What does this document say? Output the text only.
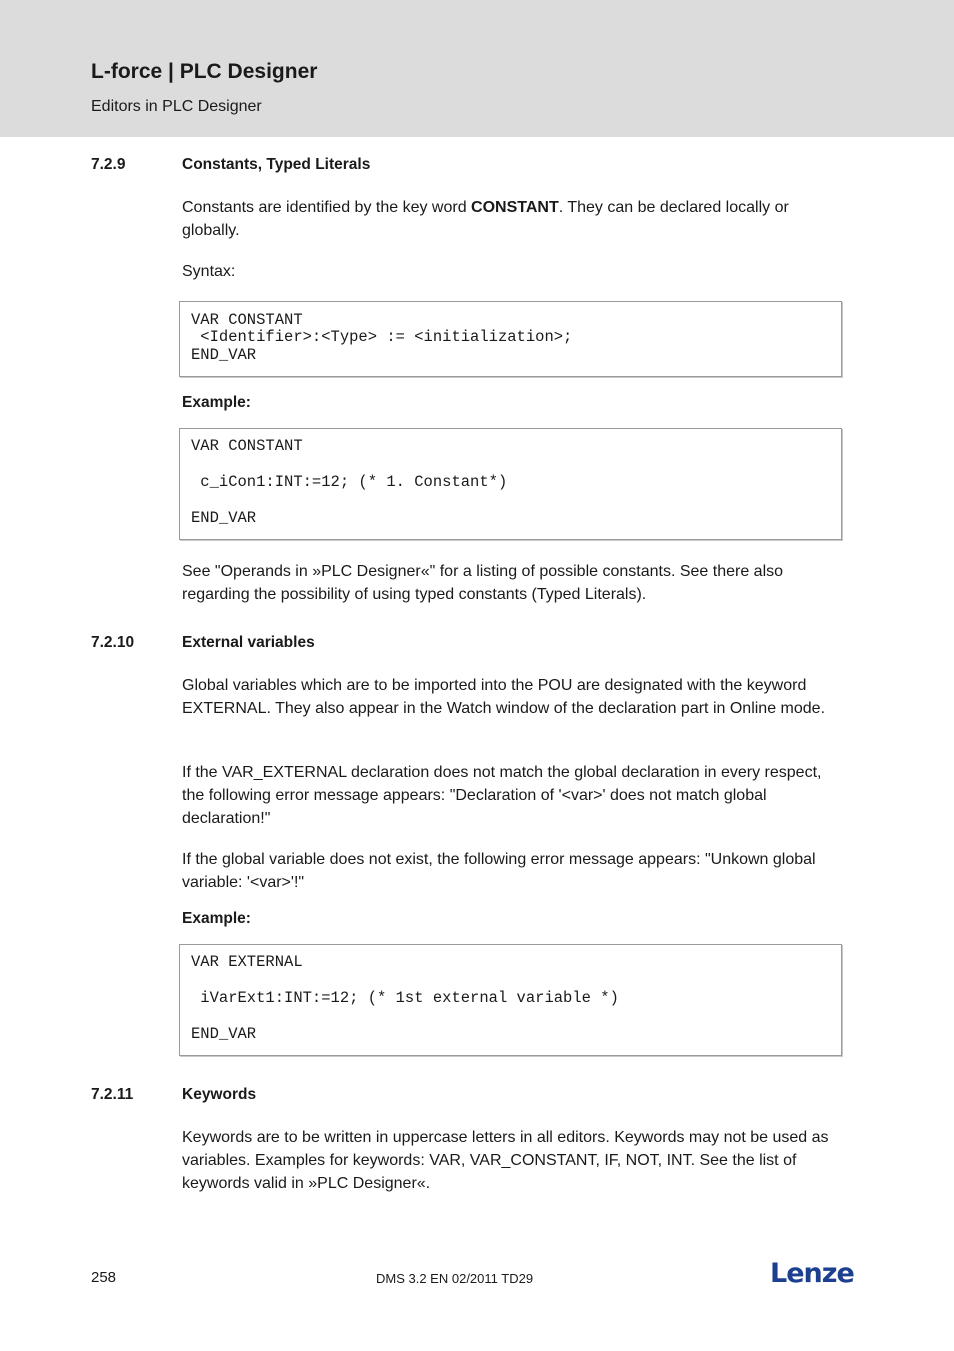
L-force | PLC Designer
Editors in PLC Designer
7.2.9	Constants, Typed Literals
Constants are identified by the key word CONSTANT. They can be declared locally or globally.
Syntax:
VAR CONSTANT
<Identifier>:<Type> := <initialization>;
END_VAR
Example:
VAR CONSTANT
c_iCon1:INT:=12; (* 1. Constant*)
END_VAR
See "Operands in »PLC Designer«" for a listing of possible constants. See there also regarding the possibility of using typed constants (Typed Literals).
7.2.10	External variables
Global variables which are to be imported into the POU are designated with the keyword EXTERNAL. They also appear in the Watch window of the declaration part in Online mode.
If the VAR_EXTERNAL declaration does not match the global declaration in every respect, the following error message appears: "Declaration of '<var>' does not match global declaration!"
If the global variable does not exist, the following error message appears: "Unkown global variable: '<var>'!"
Example:
VAR EXTERNAL
iVarExt1:INT:=12; (* 1st external variable *)
END_VAR
7.2.11	Keywords
Keywords are to be written in uppercase letters in all editors. Keywords may not be used as variables. Examples for keywords: VAR, VAR_CONSTANT, IF, NOT, INT. See the list of keywords valid in »PLC Designer«.
258	DMS 3.2 EN 02/2011 TD29	Lenze
